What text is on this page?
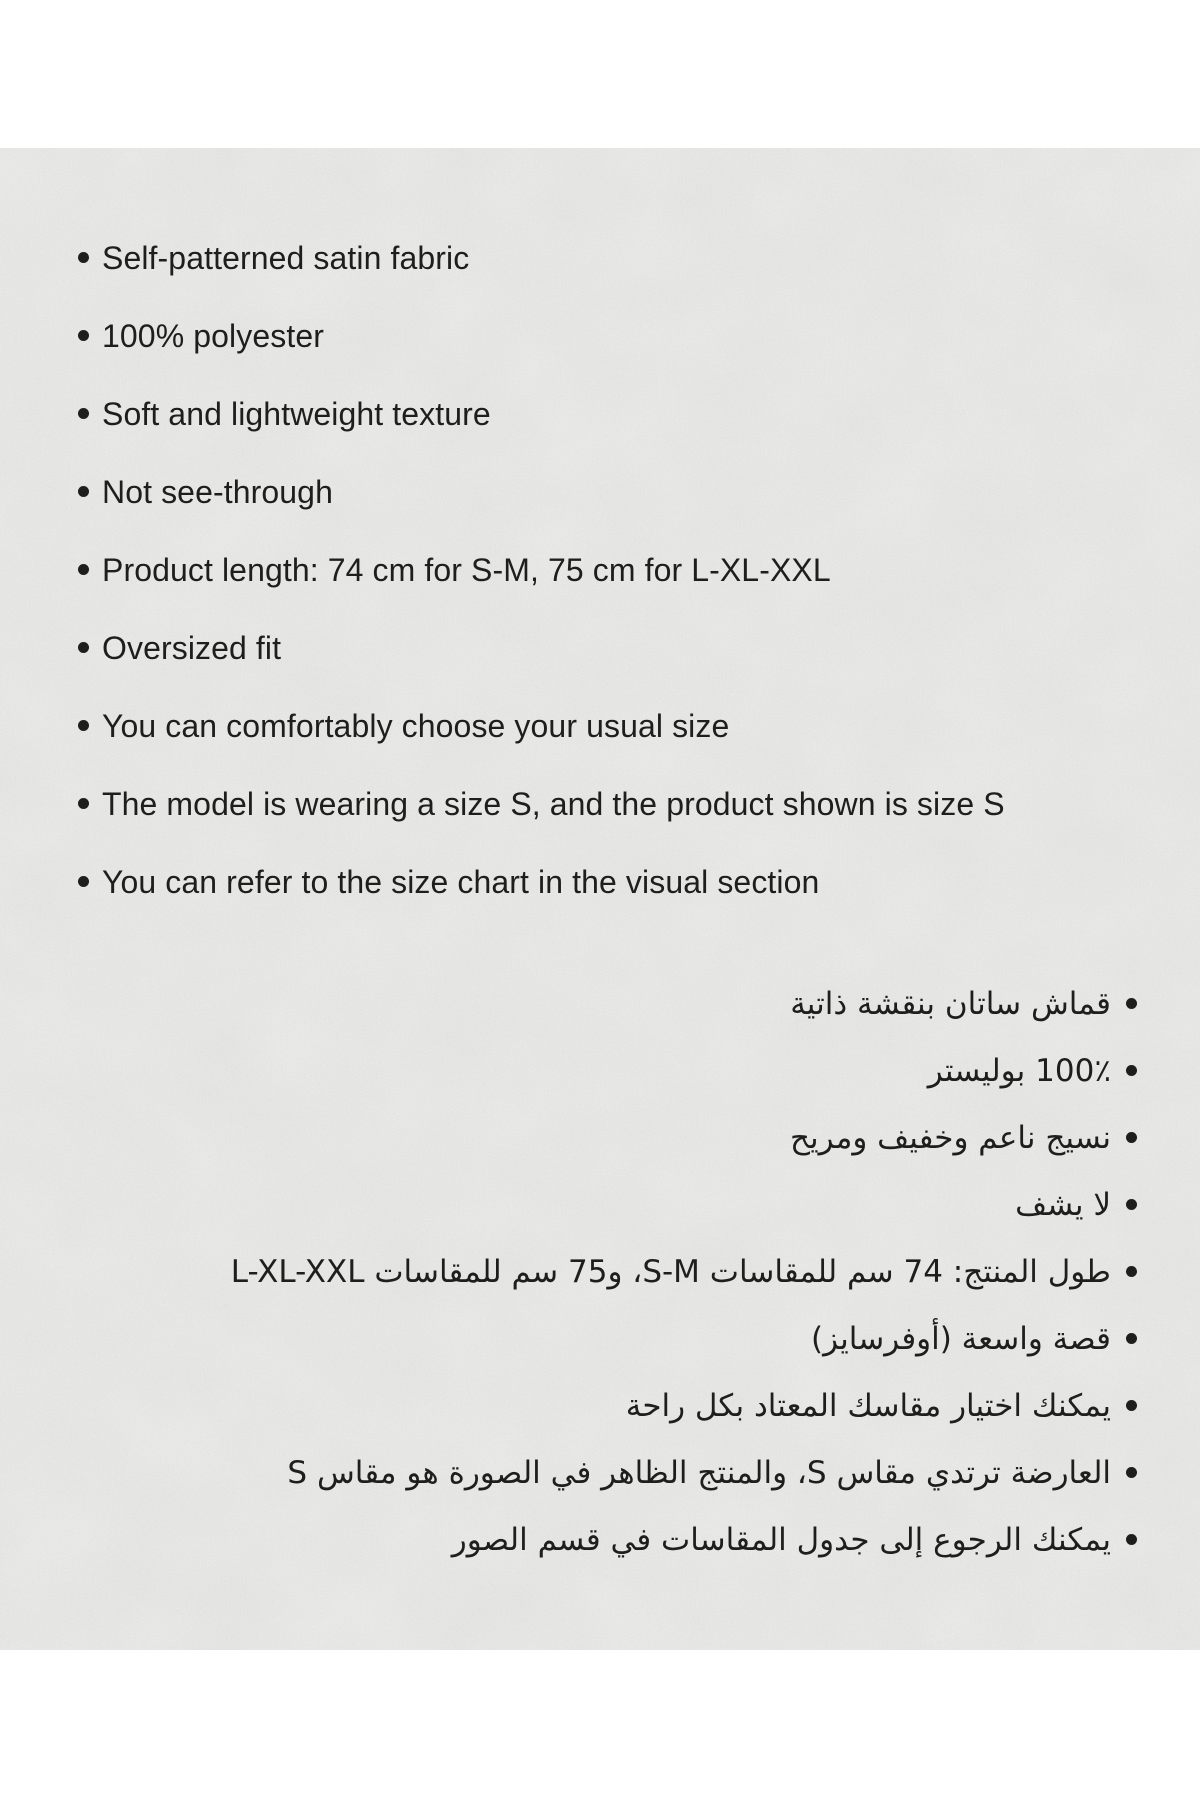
Self-patterned satin fabric
100% polyester
Soft and lightweight texture
Not see-through
Product length: 74 cm for S-M, 75 cm for L-XL-XXL
Oversized fit
You can comfortably choose your usual size
The model is wearing a size S, and the product shown is size S
You can refer to the size chart in the visual section
قماش ساتان بنقشة ذاتية
100٪ بوليستر
نسيج ناعم وخفيف ومريح
لا يشف
طول المنتج: 74 سم للمقاسات S-M، و75 سم للمقاسات L-XL-XXL
قصة واسعة (أوفرسايز)
يمكنك اختيار مقاسك المعتاد بكل راحة
العارضة ترتدي مقاس S، والمنتج الظاهر في الصورة هو مقاس S
يمكنك الرجوع إلى جدول المقاسات في قسم الصور
